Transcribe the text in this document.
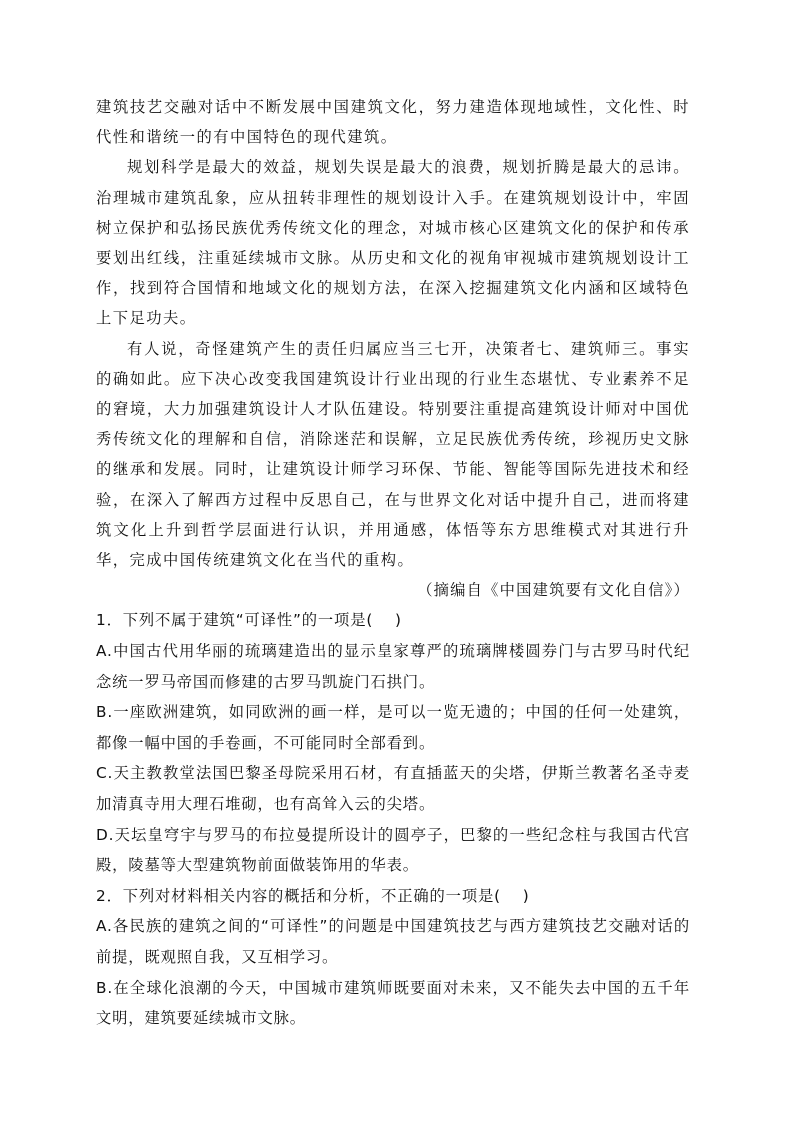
建筑技艺交融对话中不断发展中国建筑文化，努力建造体现地域性，文化性、时代性和谐统一的有中国特色的现代建筑。

规划科学是最大的效益，规划失误是最大的浪费，规划折腾是最大的忌讳。治理城市建筑乱象，应从扭转非理性的规划设计入手。在建筑规划设计中，牢固树立保护和弘扬民族优秀传统文化的理念，对城市核心区建筑文化的保护和传承要划出红线，注重延续城市文脉。从历史和文化的视角审视城市建筑规划设计工作，找到符合国情和地域文化的规划方法，在深入挖掘建筑文化内涵和区域特色上下足功夫。

有人说，奇怪建筑产生的责任归属应当三七开，决策者七、建筑师三。事实的确如此。应下决心改变我国建筑设计行业出现的行业生态堪忧、专业素养不足的窘境，大力加强建筑设计人才队伍建设。特别要注重提高建筑设计师对中国优秀传统文化的理解和自信，消除迷茫和误解，立足民族优秀传统，珍视历史文脉的继承和发展。同时，让建筑设计师学习环保、节能、智能等国际先进技术和经验，在深入了解西方过程中反思自己，在与世界文化对话中提升自己，进而将建筑文化上升到哲学层面进行认识，并用通感，体悟等东方思维模式对其进行升华，完成中国传统建筑文化在当代的重构。

（摘编自《中国建筑要有文化自信》）

1．下列不属于建筑“可译性”的一项是(　 )

A.中国古代用华丽的琉璃建造出的显示皇家尊严的琉璃牌楼圆券门与古罗马时代纪念统一罗马帝国而修建的古罗马凯旋门石拱门。

B.一座欧洲建筑，如同欧洲的画一样，是可以一览无遗的；中国的任何一处建筑，都像一幅中国的手卷画，不可能同时全部看到。

C.天主教教堂法国巴黎圣母院采用石材，有直插蓝天的尖塔，伊斯兰教著名圣寺麦加清真寺用大理石堆砌，也有高耸入云的尖塔。

D.天坛皇穹宇与罗马的布拉曼提所设计的圆亭子，巴黎的一些纪念柱与我国古代宫殿，陵墓等大型建筑物前面做装饰用的华表。

2．下列对材料相关内容的概括和分析，不正确的一项是(　 )

A.各民族的建筑之间的“可译性”的问题是中国建筑技艺与西方建筑技艺交融对话的前提，既观照自我，又互相学习。

B.在全球化浪潮的今天，中国城市建筑师既要面对未来，又不能失去中国的五千年文明，建筑要延续城市文脉。
